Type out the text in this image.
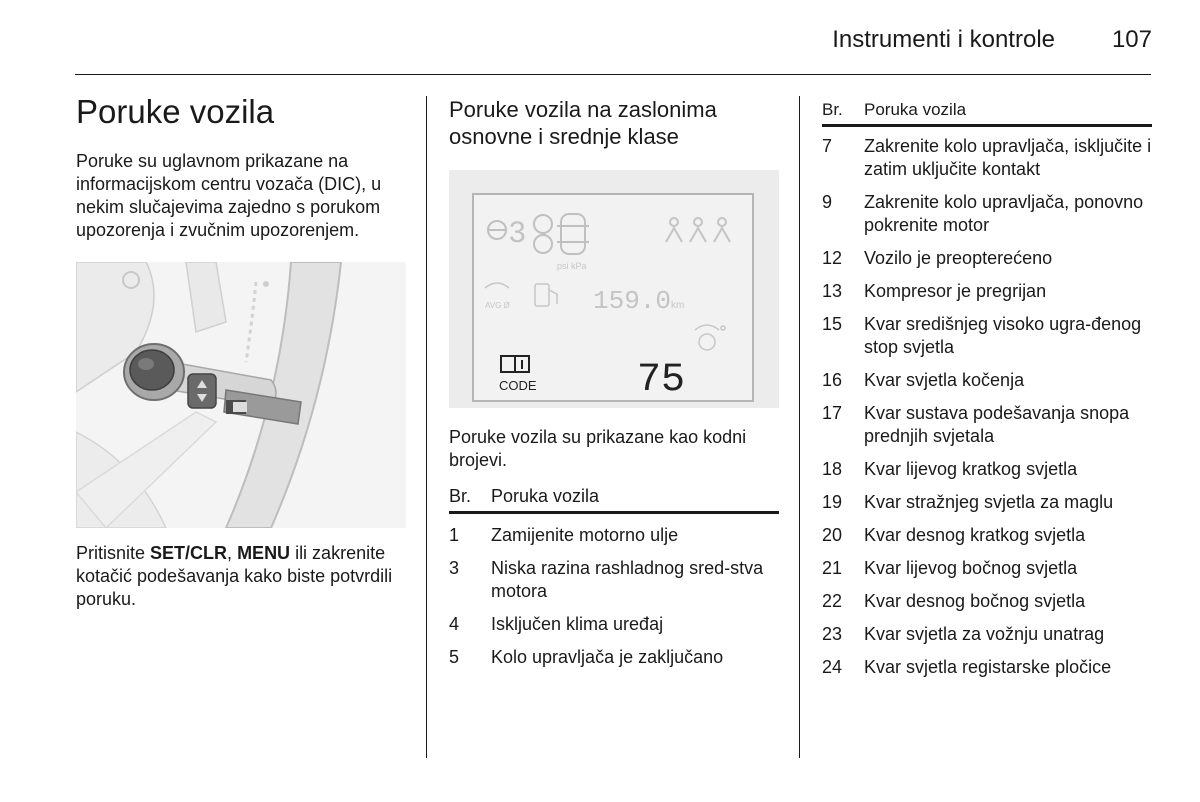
Instrumenti i kontrole	107
Poruke vozila

Poruke su uglavnom prikazane na informacijskom centru vozača (DIC), u nekim slučajevima zajedno s porukom upozorenja i zvučnim upozorenjem.

Pritisnite SET/CLR, MENU ili zakrenite kotačić podešavanja kako biste potvrdili poruku.

Poruke vozila na zaslonima osnovne i srednje klase
3
psi kPa
AVG Ø	159.0 km
CODE	75

Poruke vozila su prikazane kao kodni brojevi.

Br.	Poruka vozila
1	Zamijenite motorno ulje
3	Niska razina rashladnog sred-stva motora
4	Isključen klima uređaj
5	Kolo upravljača je zaključano
Br.	Poruka vozila
7	Zakrenite kolo upravljača, isključite i zatim uključite kontakt
9	Zakrenite kolo upravljača, ponovno pokrenite motor
12	Vozilo je preopterećeno
13	Kompresor je pregrijan
15	Kvar središnjeg visoko ugra-đenog stop svjetla
16	Kvar svjetla kočenja
17	Kvar sustava podešavanja snopa prednjih svjetala
18	Kvar lijevog kratkog svjetla
19	Kvar stražnjeg svjetla za maglu
20	Kvar desnog kratkog svjetla
21	Kvar lijevog bočnog svjetla
22	Kvar desnog bočnog svjetla
23	Kvar svjetla za vožnju unatrag
24	Kvar svjetla registarske pločice
